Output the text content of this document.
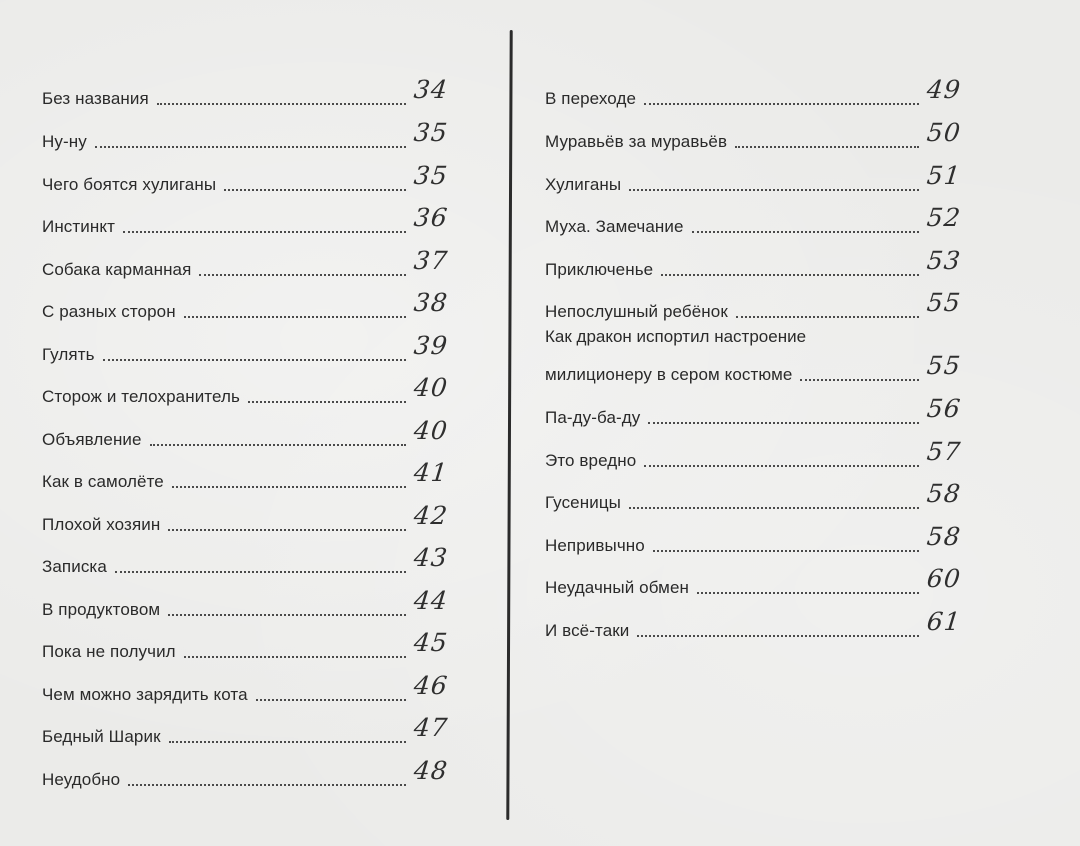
Без названия	34
Ну-ну	35
Чего боятся хулиганы	35
Инстинкт	36
Собака карманная	37
С разных сторон	38
Гулять	39
Сторож и телохранитель	40
Объявление	40
Как в самолёте	41
Плохой хозяин	42
Записка	43
В продуктовом	44
Пока не получил	45
Чем можно зарядить кота	46
Бедный Шарик	47
Неудобно	48
В переходе	49
Муравьёв за муравьёв	50
Хулиганы	51
Муха. Замечание	52
Приключенье	53
Непослушный ребёнок	55
Как дракон испортил настроение
милиционеру в сером костюме	55
Па-ду-ба-ду	56
Это вредно	57
Гусеницы	58
Непривычно	58
Неудачный обмен	60
И всё-таки	61
